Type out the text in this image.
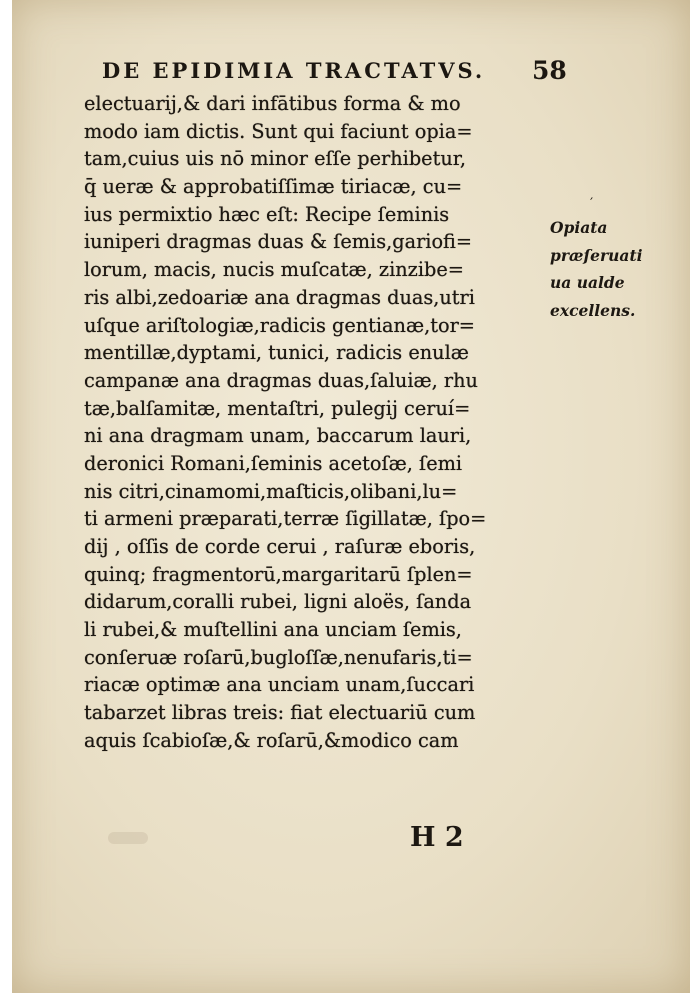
DE EPIDIMIA TRACTATVS. 58
′
electuarij,& dari infātibus forma & mo
modo iam dictis. Sunt qui faciunt opia=
tam,cuius uis nō minor eſſe perhibetur,
q̄ ueræ & approbatiſſimæ tiriacæ, cu=
ius permixtio hæc eſt: Recipe ſeminis
iuniperi dragmas duas & ſemis,gariofi=
lorum, macis, nucis muſcatæ, zinzibe=
ris albi,zedoariæ ana dragmas duas,utri
uſque ariſtologiæ,radicis gentianæ,tor=
mentillæ,dyptami, tunici, radicis enulæ
campanæ ana dragmas duas,ſaluiæ, rhu
tæ,balſamitæ, mentaſtri, pulegij ceruí=
ni ana dragmam unam, baccarum lauri,
deronici Romani,ſeminis acetoſæ, ſemi
nis citri,cinamomi,maſticis,olibani,lu=
ti armeni præparati,terræ ſigillatæ, ſpo=
dij , oſſis de corde cerui , raſuræ eboris,
quinq; fragmentorū,margaritarū ſplen=
didarum,coralli rubei, ligni aloës, ſanda
li rubei,& muſtellini ana unciam ſemis,
conſeruæ roſarū,bugloſſæ,nenufaris,ti=
riacæ optimæ ana unciam unam,ſuccari
tabarzet libras treis: fiat electuariū cum
aquis ſcabioſæ,& roſarū,&modico cam
Opiata
præſeruati
ua ualde
excellens.
H 2
